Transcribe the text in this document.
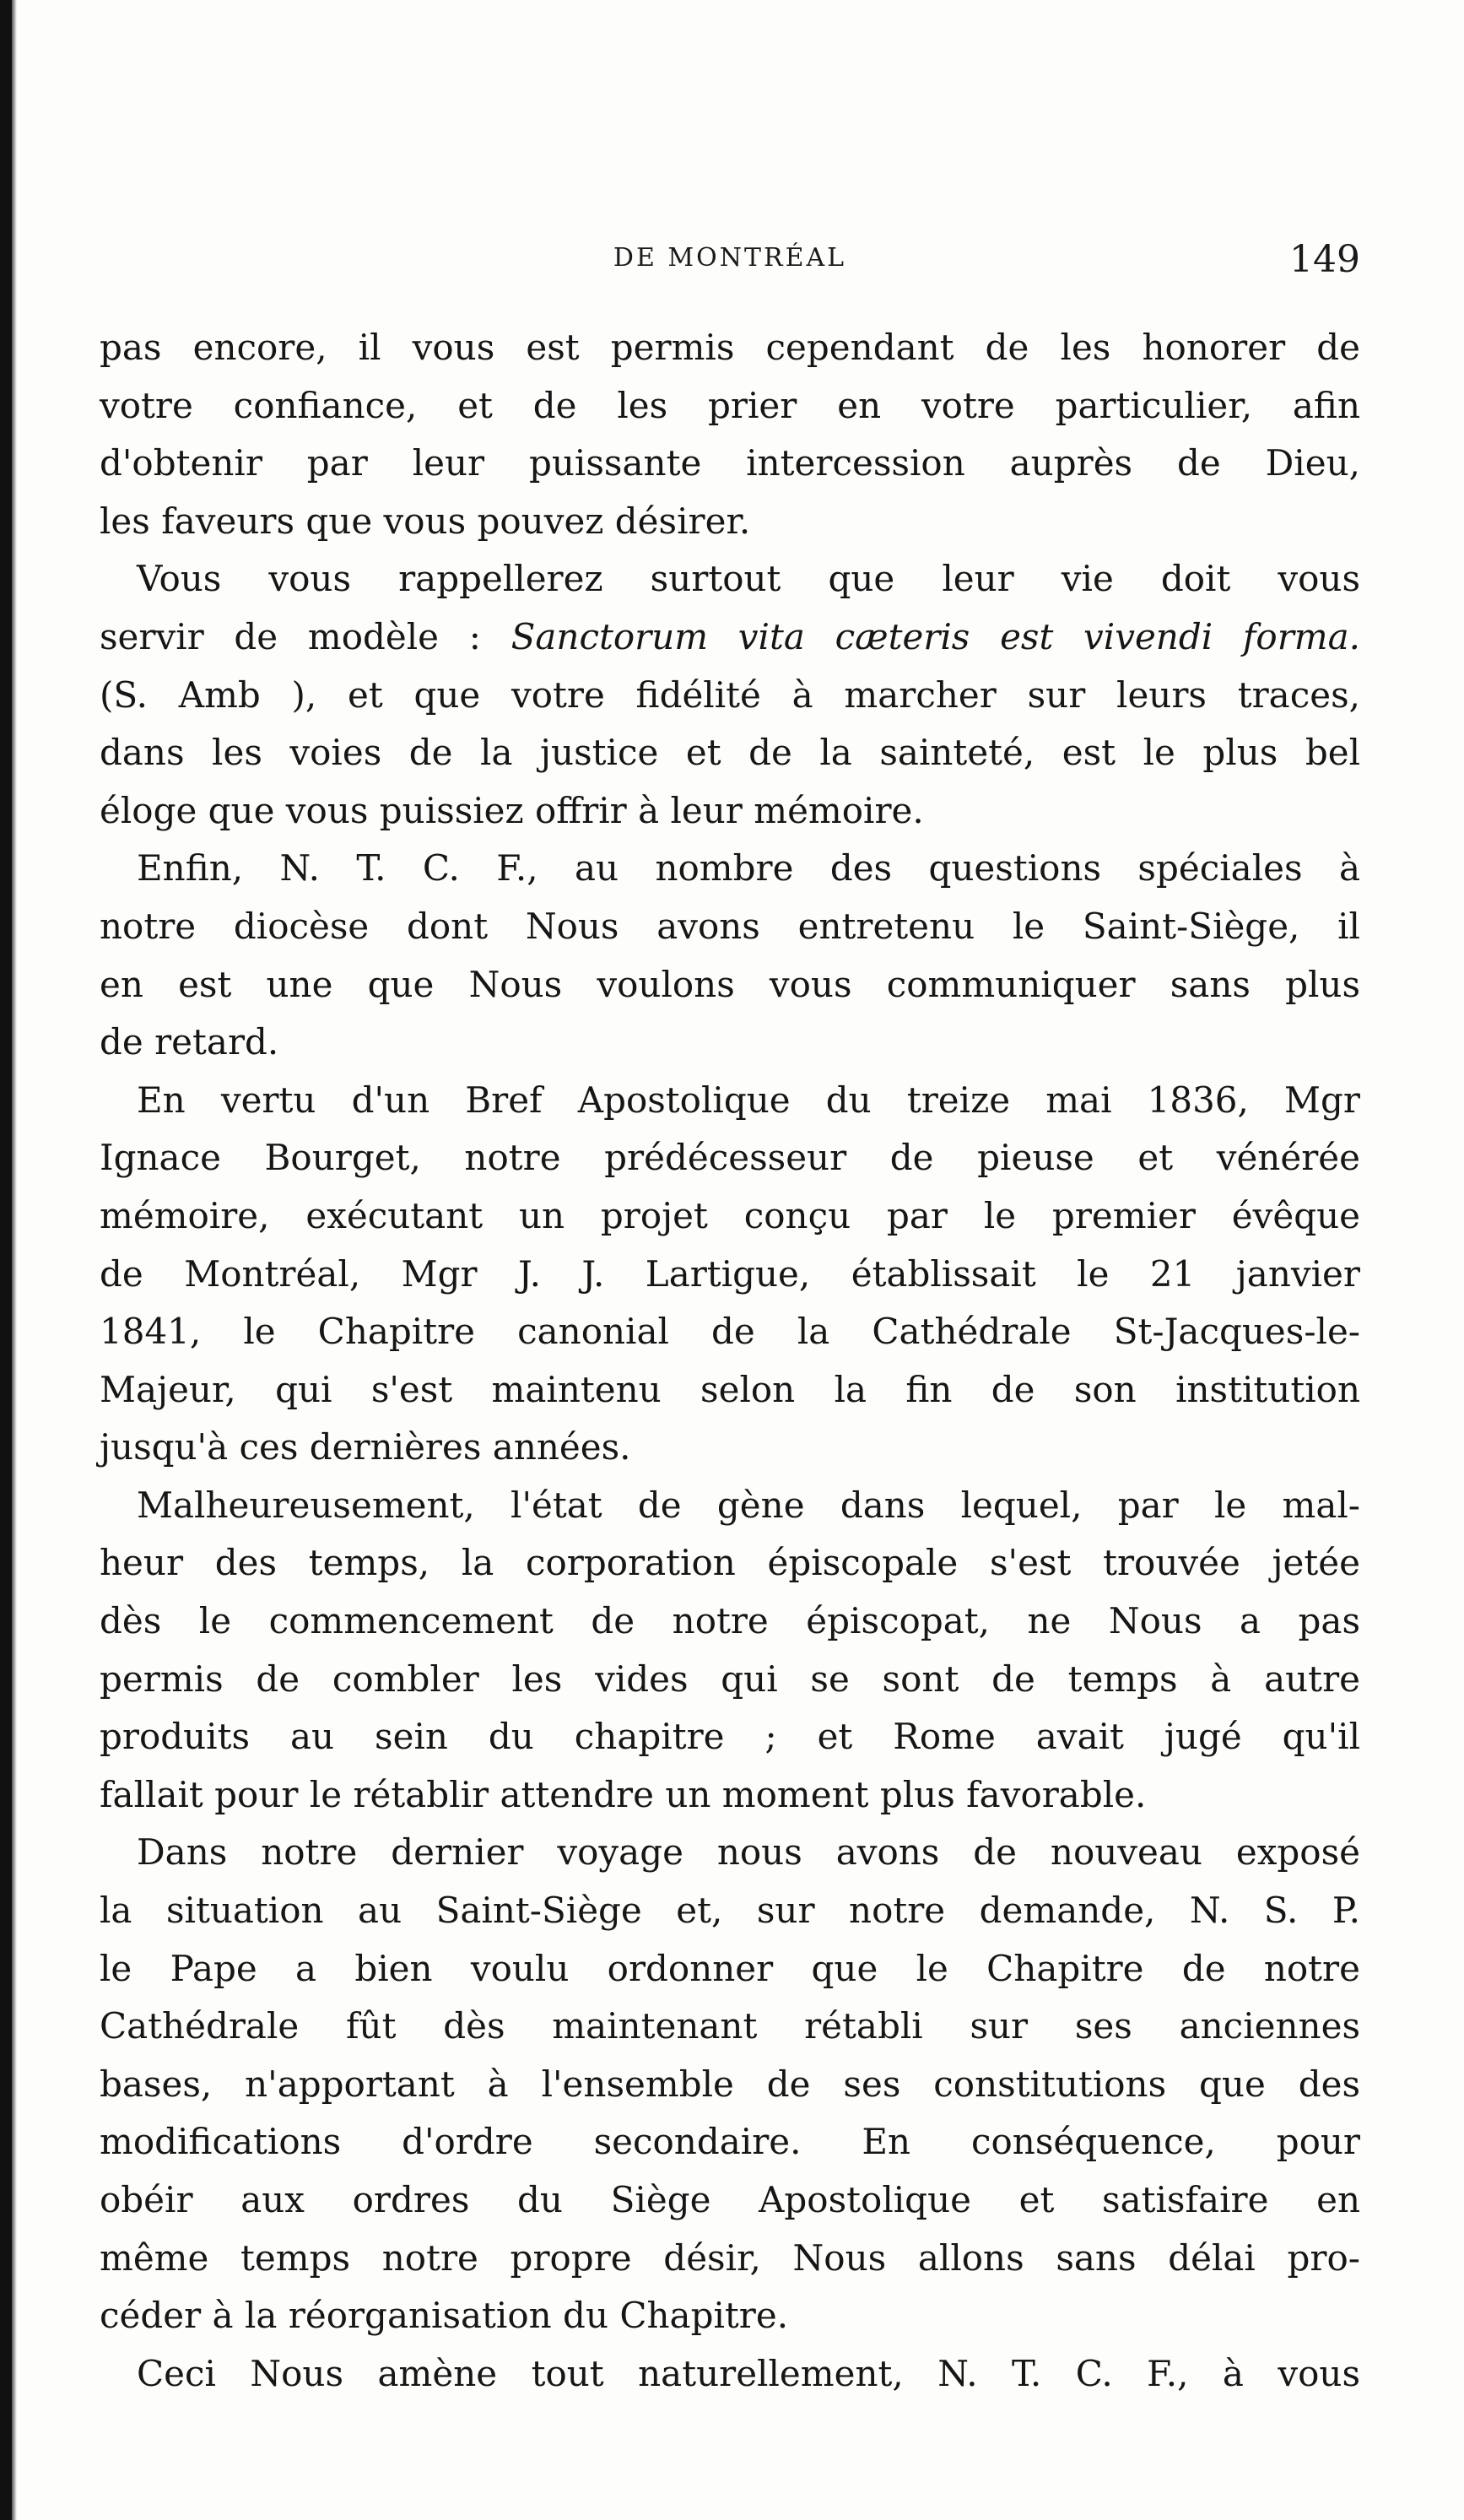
DE MONTRÉAL	149

pas encore, il vous est permis cependant de les honorer de
votre confiance, et de les prier en votre particulier, afin
d'obtenir par leur puissante intercession auprès de Dieu,
les faveurs que vous pouvez désirer.

Vous vous rappellerez surtout que leur vie doit vous
servir de modèle : Sanctorum vita cæteris est vivendi forma.
(S. Amb ), et que votre fidélité à marcher sur leurs traces,
dans les voies de la justice et de la sainteté, est le plus bel
éloge que vous puissiez offrir à leur mémoire.

Enfin, N. T. C. F., au nombre des questions spéciales à
notre diocèse dont Nous avons entretenu le Saint-Siège, il
en est une que Nous voulons vous communiquer sans plus
de retard.

En vertu d'un Bref Apostolique du treize mai 1836, Mgr
Ignace Bourget, notre prédécesseur de pieuse et vénérée
mémoire, exécutant un projet conçu par le premier évêque
de Montréal, Mgr J. J. Lartigue, établissait le 21 janvier
1841, le Chapitre canonial de la Cathédrale St-Jacques-le-
Majeur, qui s'est maintenu selon la fin de son institution
jusqu'à ces dernières années.

Malheureusement, l'état de gène dans lequel, par le mal-
heur des temps, la corporation épiscopale s'est trouvée jetée
dès le commencement de notre épiscopat, ne Nous a pas
permis de combler les vides qui se sont de temps à autre
produits au sein du chapitre ; et Rome avait jugé qu'il
fallait pour le rétablir attendre un moment plus favorable.

Dans notre dernier voyage nous avons de nouveau exposé
la situation au Saint-Siège et, sur notre demande, N. S. P.
le Pape a bien voulu ordonner que le Chapitre de notre
Cathédrale fût dès maintenant rétabli sur ses anciennes
bases, n'apportant à l'ensemble de ses constitutions que des
modifications d'ordre secondaire. En conséquence, pour
obéir aux ordres du Siège Apostolique et satisfaire en
même temps notre propre désir, Nous allons sans délai pro-
céder à la réorganisation du Chapitre.

Ceci Nous amène tout naturellement, N. T. C. F., à vous
